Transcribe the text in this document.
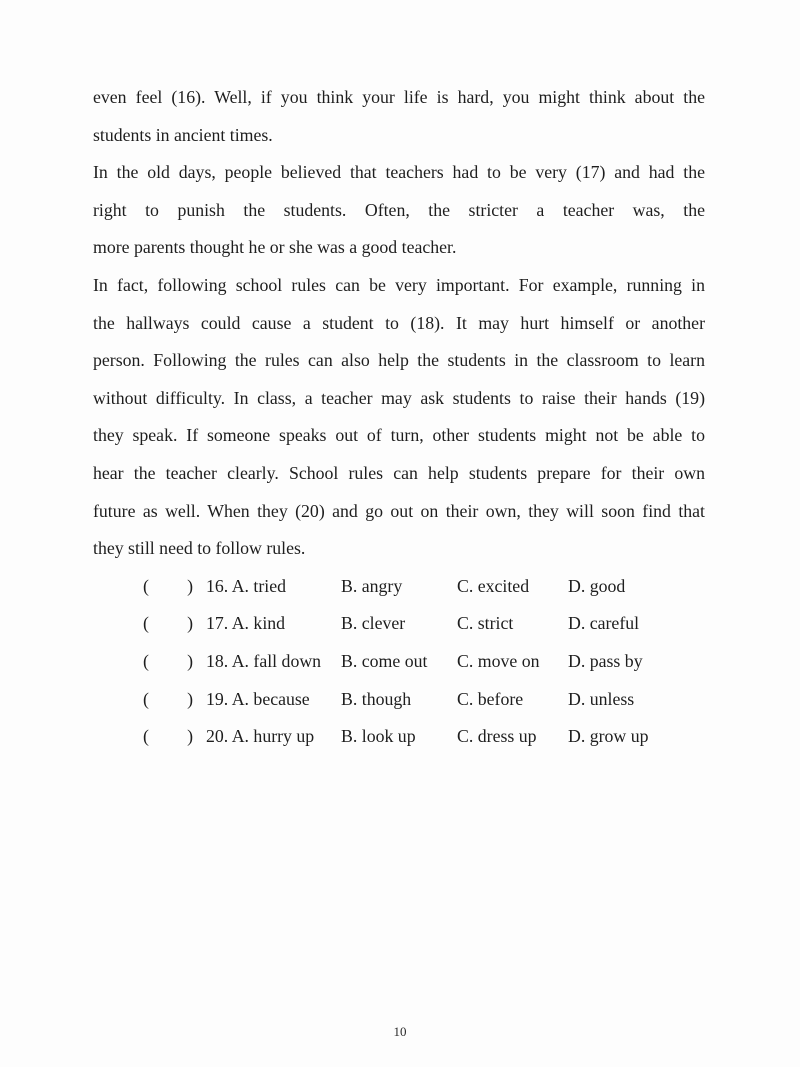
even feel (16). Well, if you think your life is hard, you might think about the
students in ancient times.
In the old days, people believed that teachers had to be very (17) and had the
right to punish the students. Often, the stricter a teacher was, the
more parents thought he or she was a good teacher.
In fact, following school rules can be very important. For example, running in
the hallways could cause a student to (18). It may hurt himself or another
person. Following the rules can also help the students in the classroom to learn
without difficulty. In class, a teacher may ask students to raise their hands (19)
they speak. If someone speaks out of turn, other students might not be able to
hear the teacher clearly. School rules can help students prepare for their own
future as well. When they (20) and go out on their own, they will soon find that
they still need to follow rules.
( ) 16. A. tried	B. angry	C. excited	D. good
( ) 17. A. kind	B. clever	C. strict	D. careful
( ) 18. A. fall down	B. come out	C. move on	D. pass by
( ) 19. A. because	B. though	C. before	D. unless
( ) 20. A. hurry up	B. look up	C. dress up	D. grow up
10
